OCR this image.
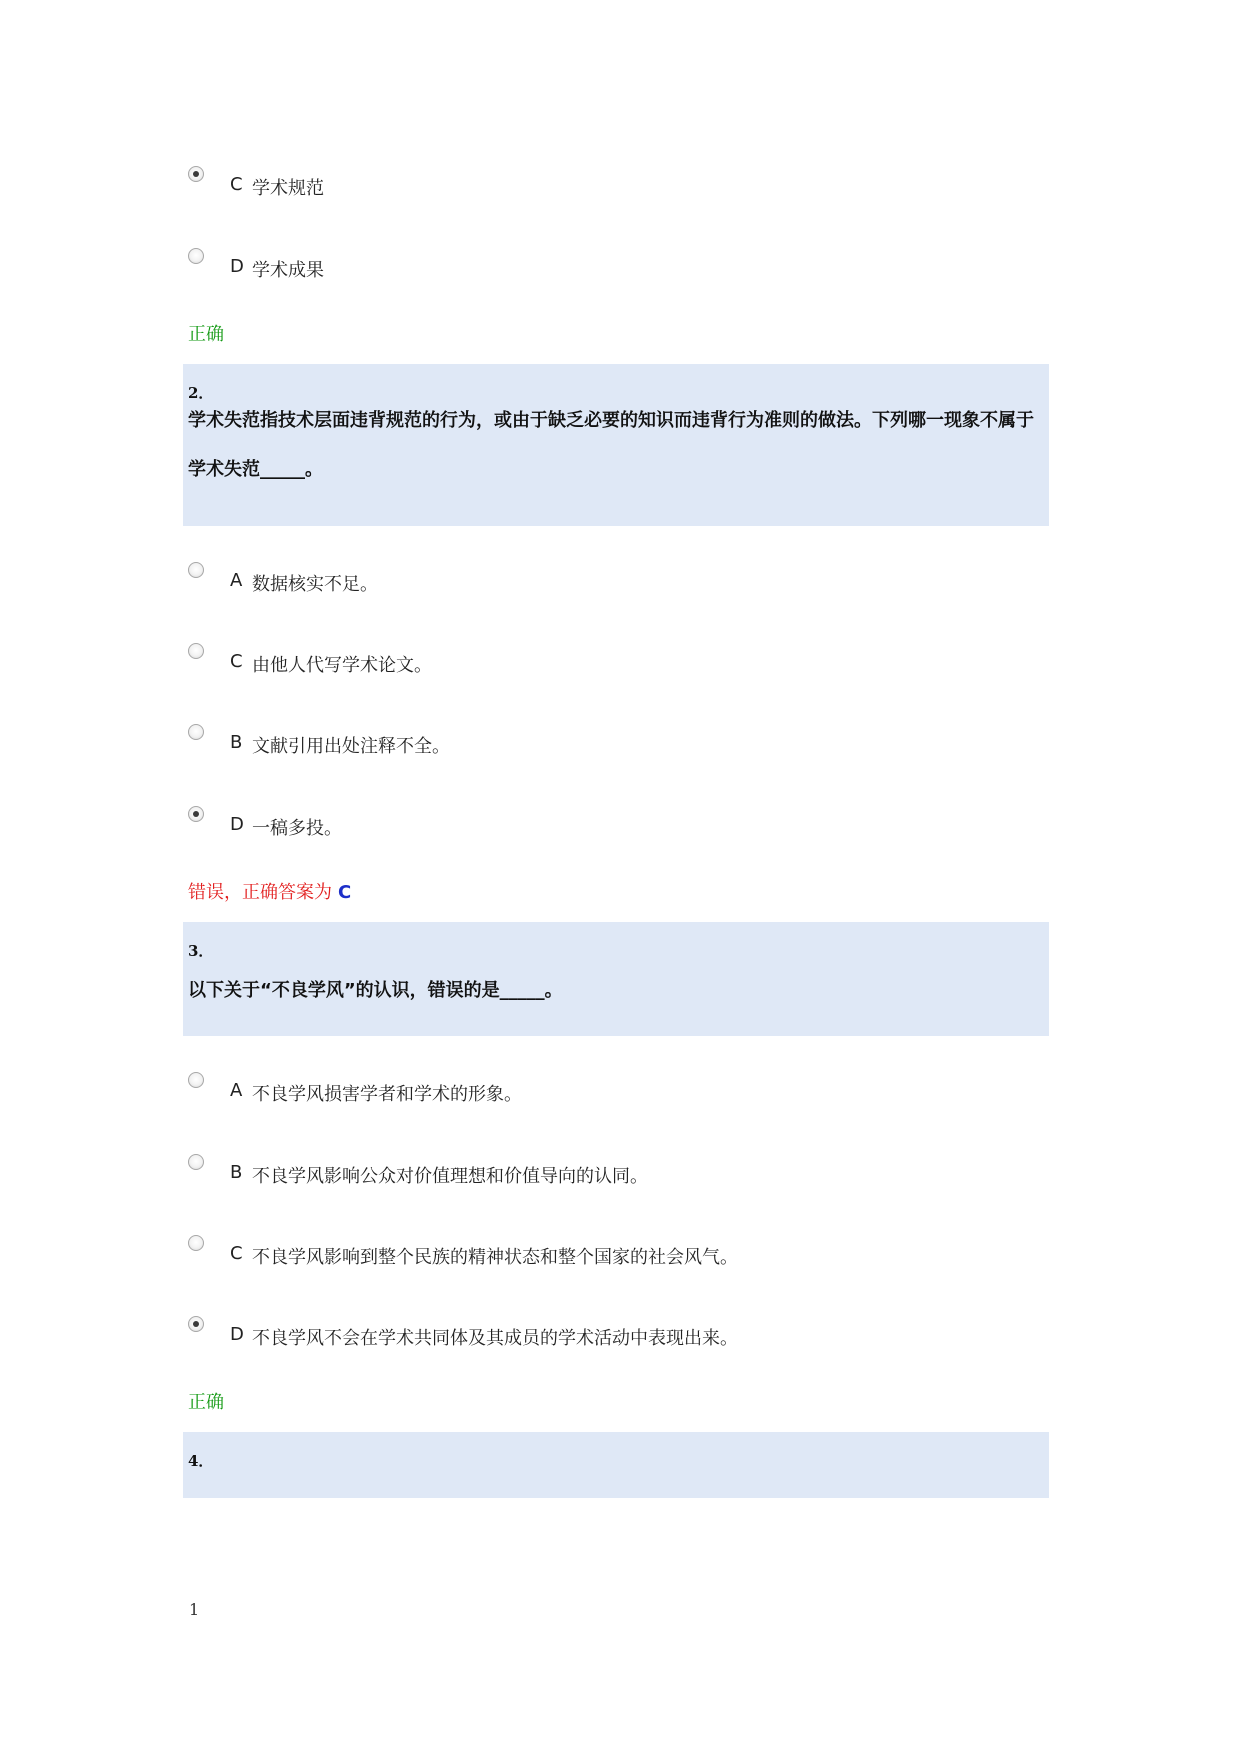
C 学术规范
D 学术成果
正确
2．
学术失范指技术层面违背规范的行为，或由于缺乏必要的知识而违背行为准则的做法。下列哪一现象不属于学术失范_____。
A 数据核实不足。
C 由他人代写学术论文。
B 文献引用出处注释不全。
D 一稿多投。
错误，正确答案为 C
3．
以下关于“不良学风”的认识，错误的是_____。
A 不良学风损害学者和学术的形象。
B 不良学风影响公众对价值理想和价值导向的认同。
C 不良学风影响到整个民族的精神状态和整个国家的社会风气。
D 不良学风不会在学术共同体及其成员的学术活动中表现出来。
正确
4．
1
